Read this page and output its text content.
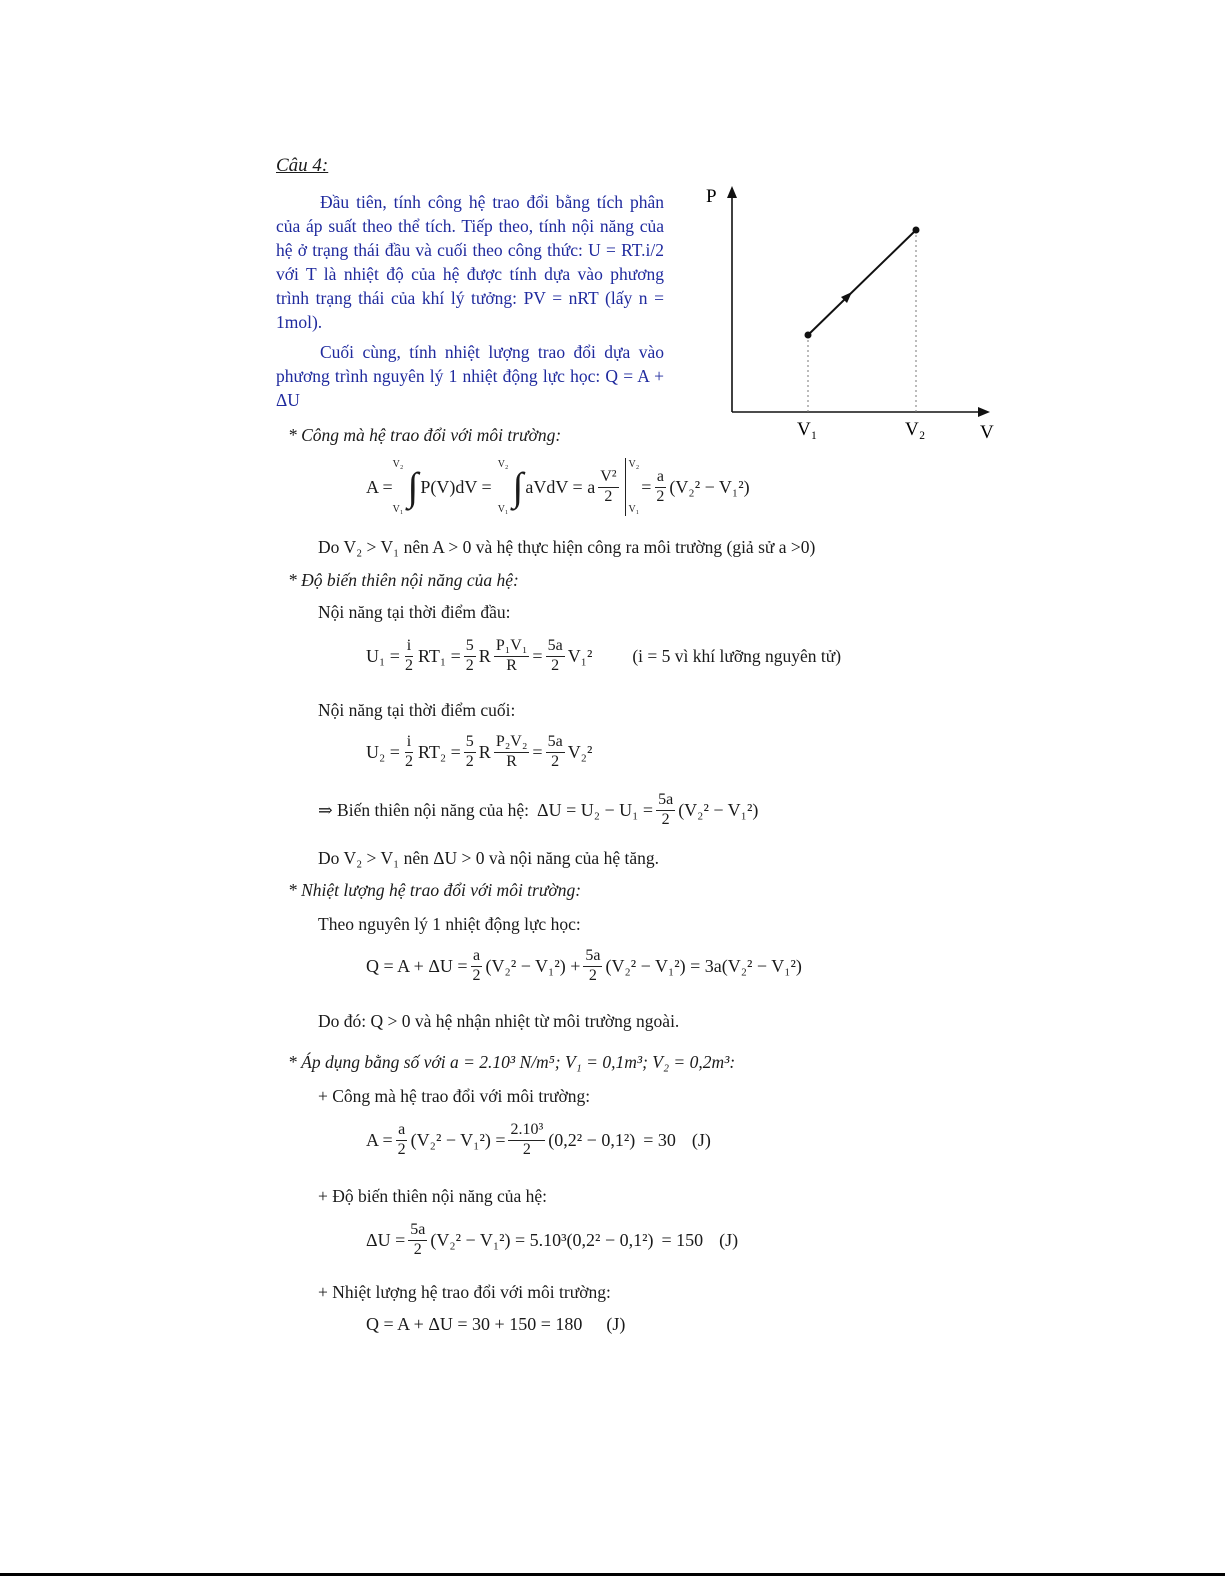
Câu 4:

Đầu tiên, tính công hệ trao đổi bằng tích phân của áp suất theo thể tích. Tiếp theo, tính nội năng của hệ ở trạng thái đầu và cuối theo công thức: U = RT.i/2 với T là nhiệt độ của hệ được tính dựa vào phương trình trạng thái của khí lý tưởng: PV = nRT (lấy n = 1mol).

Cuối cùng, tính nhiệt lượng trao đổi dựa vào phương trình nguyên lý 1 nhiệt động lực học: Q = A + ΔU

P
V₁	V₂	V
* Công mà hệ trao đổi với môi trường:
A =
V₂
V₁
∫ P(V)dV =
V₂
V₁
∫ aVdV = a $\frac{\text{V²}}{2}$
V₂
V₁
= $\frac{a}{2} (V_2^2 - V_1^2)$
Do V₂ > V₁ nên A > 0 và hệ thực hiện công ra môi trường (giả sử a >0)
* Độ biến thiên nội năng của hệ:
Nội năng tại thời điểm đầu:
$U_1 = \frac{i}{2} RT_1 = \frac{5}{2}$ R $\frac{\text{P₁V₁}}{R} = \frac{5a}{2} V_1^2$ (i = 5 vì khí lưỡng nguyên tử)
Nội năng tại thời điểm cuối:
$U_2 = \frac{i}{2} RT_2 = \frac{5}{2}$ R $\frac{\text{P₂V₂}}{R} = \frac{5a}{2} V_2^2$
⇒ Biến thiên nội năng của hệ: $\Delta U = U_2 - U_1 = \frac{5a}{2} (V_2^2 - V_1^2)$
Do V₂ > V₁ nên ΔU > 0 và nội năng của hệ tăng.
* Nhiệt lượng hệ trao đổi với môi trường:
Theo nguyên lý 1 nhiệt động lực học:
$Q = A + \Delta U = \frac{a}{2} (V_2^2 - V_1^2) + \frac{5a}{2} (V_2^2 - V_1^2) = 3a(V_2^2 - V_1^2)$
Do đó: Q > 0 và hệ nhận nhiệt từ môi trường ngoài.
* Áp dụng bằng số với a = 2.10³ N/m⁵; V₁ = 0,1m³; V₂ = 0,2m³:
+ Công mà hệ trao đổi với môi trường:
$A = \frac{a}{2} (V_2^2 - V_1^2) = \frac{\text{2.10³}}{2} (0,2^2 - 0,1^2) = 30$ (J)
+ Độ biến thiên nội năng của hệ:
$\Delta U = \frac{5a}{2} (V_2^2 - V_1^2) = 5.10^3(0,2^2 - 0,1^2) = 150$ (J)
+ Nhiệt lượng hệ trao đổi với môi trường:
Q = A + ΔU = 30 + 150 = 180 (J)
